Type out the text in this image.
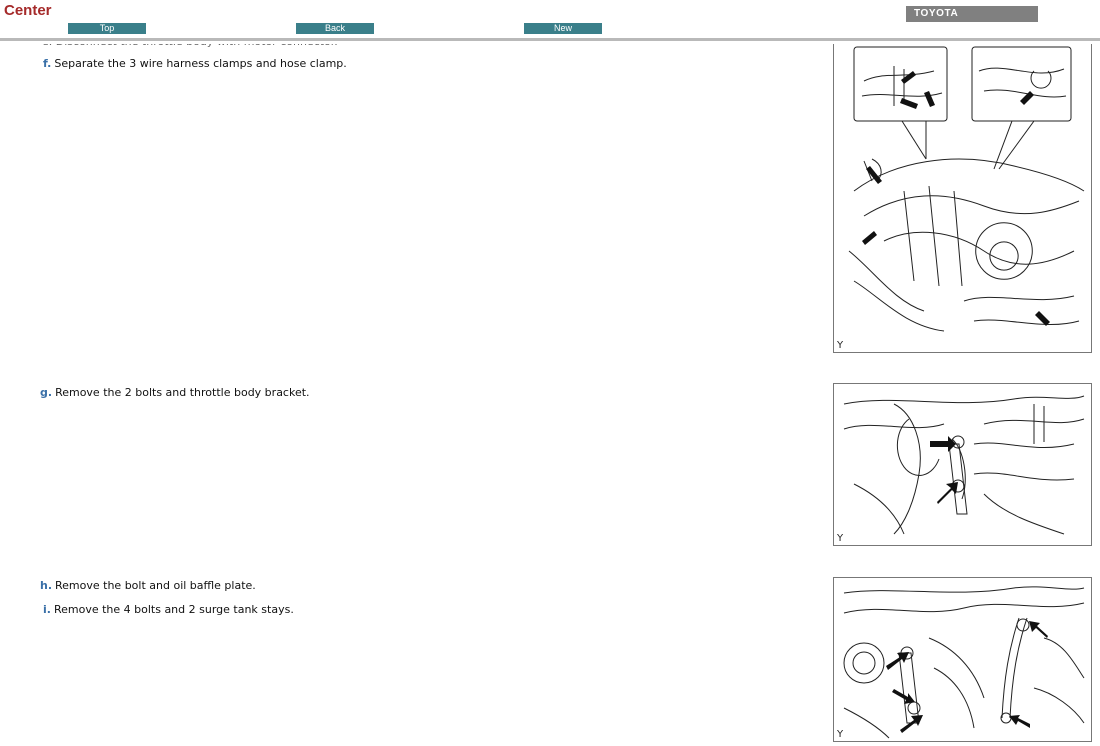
Center
Top	Back	New
TOYOTA
f. Separate the 3 wire harness clamps and hose clamp.
g. Remove the 2 bolts and throttle body bracket.
h. Remove the bolt and oil baffle plate.
i. Remove the 4 bolts and 2 surge tank stays.
Y
Y
Y
